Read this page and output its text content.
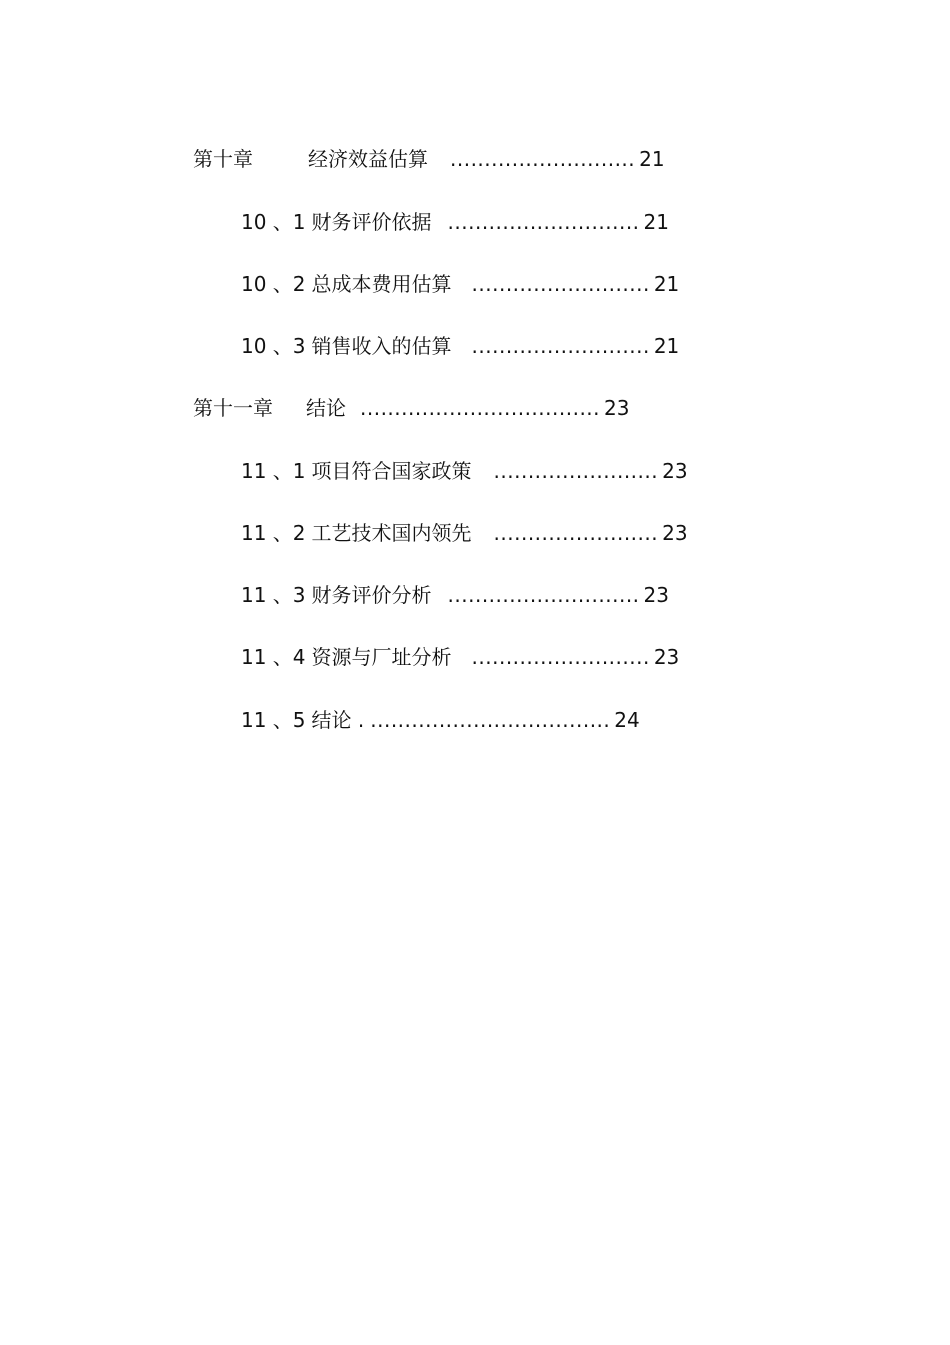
第十章	经济效益估算 ........................... 21
10 、1 财务评价依据 ............................ 21
10 、2 总成本费用估算 .......................... 21
10 、3 销售收入的估算 .......................... 21
第十一章 结论 ................................... 23
11 、1 项目符合国家政策 ........................ 23
11 、2 工艺技术国内领先 ........................ 23
11 、3 财务评价分析 ............................ 23
11 、4 资源与厂址分析 .......................... 23
11 、5 结论 . ................................... 24
